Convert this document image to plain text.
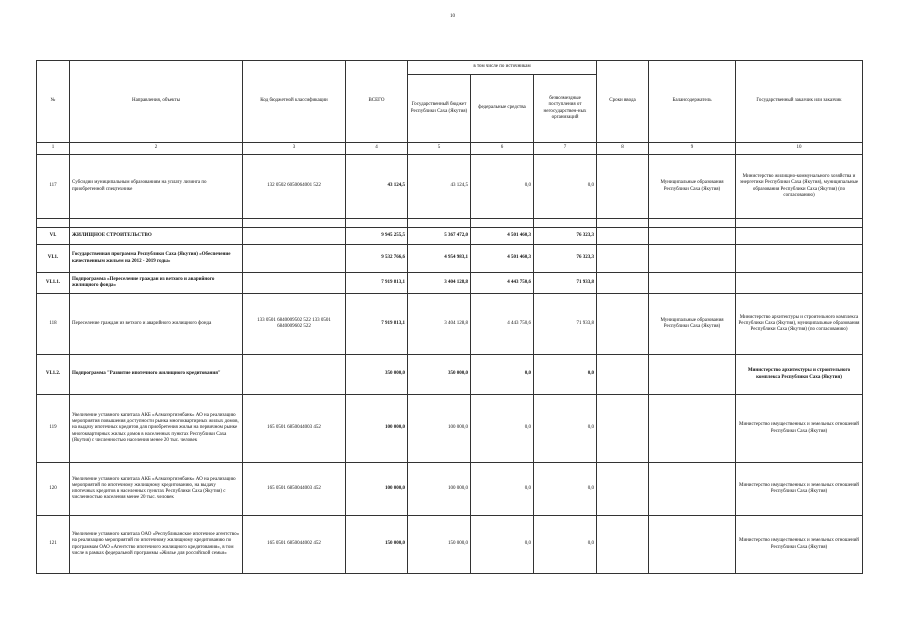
10
№	Направления, объекты	Код бюджетной классификации	ВСЕГО	в том числе по источникам			Сроки ввода	Балансодержатель	Государственный заказчик или заказчик
				Государственный бюджет Республики Саха (Якутия)	федеральные средства	безвозмездные поступления от негосударствен-ных организаций			
1	2	3	4	5	6	7	8	9	10
117	Субсидии муниципальным образованиям на уплату лизинга по приобретенной спецтехнике	132 0502 6050064001 522	43 124,5	43 124,5	0,0	0,0		Муниципальные образования Республики Саха (Якутия)	Министерство жилищно-коммунального хозяйства и энергетики Республики Саха (Якутия), муниципальные образования Республики Саха (Якутия) (по согласованию)

VI.	ЖИЛИЩНОЕ СТРОИТЕЛЬСТВО		9 945 255,5	5 367 472,0	4 501 460,3	76 323,3			
VI.1.	Государственная программа Республики Саха (Якутия) «Обеспечение качественным жильем на 2012 - 2019 годы»		9 532 766,6	4 954 983,1	4 501 460,3	76 323,3			
VI.1.1.	Подпрограмма «Переселение граждан из ветхого и аварийного жилищного фонда»		7 919 813,1	3 404 128,8	4 443 750,6	71 933,8			
118	Переселение граждан из ветхого и аварийного жилищного фонда	133 0501 6840009502 522 133 0501 6840009602 522	7 919 813,1	3 404 128,8	4 443 750,6	71 933,8		Муниципальные образования Республики Саха (Якутия)	Министерство архитектуры и строительного комплекса Республики Саха (Якутия), муниципальные образования Республики Саха (Якутия) (по согласованию)
VI.1.2.	Подпрограмма "Развитие ипотечного жилищного кредитования"		350 000,0	350 000,0	0,0	0,0			Министерство архитектуры и строительного комплекса Республики Саха (Якутия)
119	Увеличение уставного капитала АКБ «Алмазэргиэнбанк» АО на реализацию мероприятия повышения доступности рынка многоквартирных жилых домов, на выдачу ипотечных кредитов для приобретения жилья на первичном рынке многоквартирных жилых домов в населенных пунктах Республики Саха (Якутия) с численностью населения менее 20 тыс. человек	165 0501 6850044003 452	100 000,0	100 000,0	0,0	0,0			Министерство имущественных и земельных отношений Республики Саха (Якутия)
120	Увеличение уставного капитала АКБ «Алмазэргиэнбанк» АО на реализацию мероприятий по ипотечному жилищному кредитованию, на выдачу ипотечных кредитов в населенных пунктах Республики Саха (Якутия) с численностью населения менее 20 тыс. человек	165 0501 6850044003 452	100 000,0	100 000,0	0,0	0,0			Министерство имущественных и земельных отношений Республики Саха (Якутия)
121	Увеличение уставного капитала ОАО «Республиканское ипотечное агентство» на реализацию мероприятий по ипотечному жилищному кредитованию по программам ОАО «Агентство ипотечного жилищного кредитования», в том числе в рамках федеральной программы «Жилье для российской семьи»	165 0501 6850044002 452	150 000,0	150 000,0	0,0	0,0			Министерство имущественных и земельных отношений Республики Саха (Якутия)
